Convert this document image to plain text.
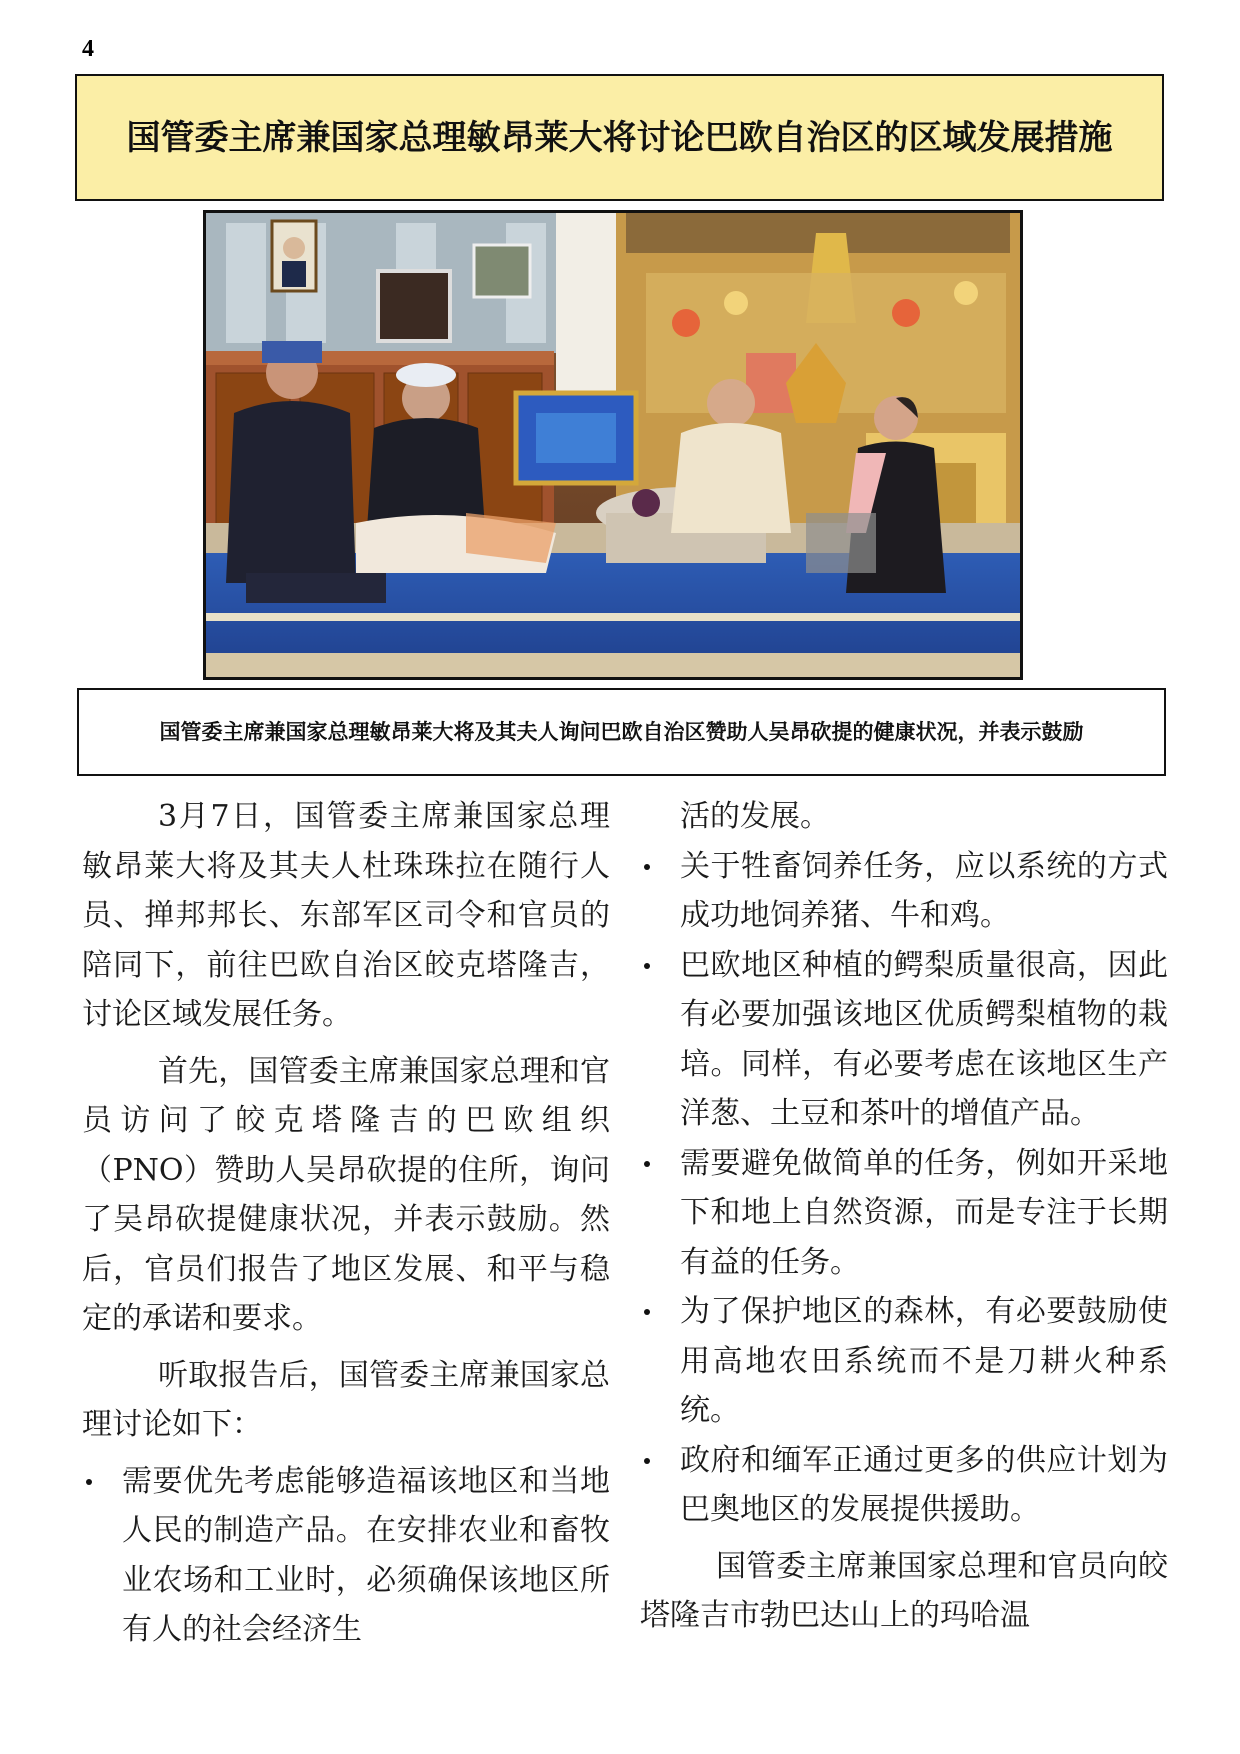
4
国管委主席兼国家总理敏昂莱大将讨论巴欧自治区的区域发展措施

国管委主席兼国家总理敏昂莱大将及其夫人询问巴欧自治区赞助人吴昂砍提的健康状况，并表示鼓励

3月7日，国管委主席兼国家总理敏昂莱大将及其夫人杜珠珠拉在随行人员、掸邦邦长、东部军区司令和官员的陪同下，前往巴欧自治区皎克塔隆吉，讨论区域发展任务。

首先，国管委主席兼国家总理和官员访问了皎克塔隆吉的巴欧组织（PNO）赞助人吴昂砍提的住所，询问了吴昂砍提健康状况，并表示鼓励。然后，官员们报告了地区发展、和平与稳定的承诺和要求。

听取报告后，国管委主席兼国家总理讨论如下：

需要优先考虑能够造福该地区和当地人民的制造产品。在安排农业和畜牧业农场和工业时，必须确保该地区所有人的社会经济生

活的发展。

关于牲畜饲养任务，应以系统的方式成功地饲养猪、牛和鸡。
巴欧地区种植的鳄梨质量很高，因此有必要加强该地区优质鳄梨植物的栽培。同样，有必要考虑在该地区生产洋葱、土豆和茶叶的增值产品。
需要避免做简单的任务，例如开采地下和地上自然资源，而是专注于长期有益的任务。
为了保护地区的森林，有必要鼓励使用高地农田系统而不是刀耕火种系统。
政府和缅军正通过更多的供应计划为巴奥地区的发展提供援助。

国管委主席兼国家总理和官员向皎塔隆吉市勃巴达山上的玛哈温
